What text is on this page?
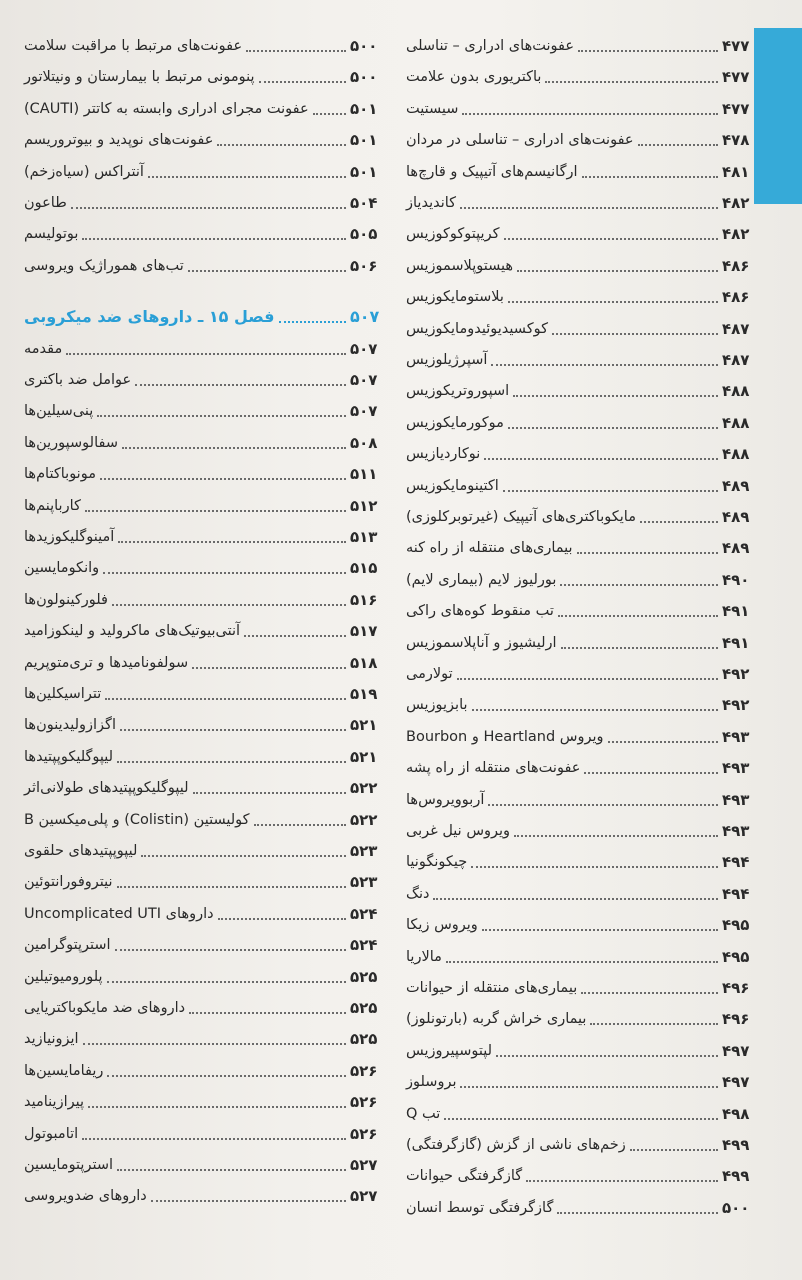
عفونت‌های ادراری – تناسلی	۴۷۷
باکتریوری بدون علامت	۴۷۷
سیستیت	۴۷۷
عفونت‌های ادراری – تناسلی در مردان	۴۷۸
ارگانیسم‌های آتیپیک و قارچ‌ها	۴۸۱
کاندیدیاز	۴۸۲
کریپتوکوکوزیس	۴۸۲
هیستوپلاسموزیس	۴۸۶
بلاستومایکوزیس	۴۸۶
کوکسیدیوئیدومایکوزیس	۴۸۷
آسپرژیلوزیس	۴۸۷
اسپوروتریکوزیس	۴۸۸
موکورمایکوزیس	۴۸۸
نوکاردیازیس	۴۸۸
اکتینومایکوزیس	۴۸۹
مایکوباکتری‌های آتیپیک (غیرتوبرکلوزی)	۴۸۹
بیماری‌های منتقله از راه کنه	۴۸۹
بورلیوز لایم (بیماری لایم)	۴۹۰
تب منقوط کوه‌های راکی	۴۹۱
ارلیشیوز و آناپلاسموزیس	۴۹۱
تولارمی	۴۹۲
بابزیوزیس	۴۹۲
ویروس Heartland و Bourbon	۴۹۳
عفونت‌های منتقله از راه پشه	۴۹۳
آربوویروس‌ها	۴۹۳
ویروس نیل غربی	۴۹۳
چیکونگونیا	۴۹۴
دنگ	۴۹۴
ویروس زیکا	۴۹۵
مالاریا	۴۹۵
بیماری‌های منتقله از حیوانات	۴۹۶
بیماری خراش گربه (بارتونلوز)	۴۹۶
لپتوسپیروزیس	۴۹۷
بروسلوز	۴۹۷
تب Q	۴۹۸
زخم‌های ناشی از گزش (گازگرفتگی)	۴۹۹
گازگرفتگی حیوانات	۴۹۹
گازگرفتگی توسط انسان	۵۰۰
عفونت‌های مرتبط با مراقبت سلامت	۵۰۰
پنومونی مرتبط با بیمارستان و ونیتلاتور	۵۰۰
عفونت مجرای ادراری وابسته به کاتتر (CAUTI)	۵۰۱
عفونت‌های نوپدید و بیوتروریسم	۵۰۱
آنتراکس (سیاه‌زخم)	۵۰۱
طاعون	۵۰۴
بوتولیسم	۵۰۵
تب‌های هموراژیک ویروسی	۵۰۶
فصل ۱۵ ـ داروهای ضد میکروبی	۵۰۷
مقدمه	۵۰۷
عوامل ضد باکتری	۵۰۷
پنی‌سیلین‌ها	۵۰۷
سفالوسپورین‌ها	۵۰۸
مونوباکتام‌ها	۵۱۱
کارباپنم‌ها	۵۱۲
آمینوگلیکوزیدها	۵۱۳
وانکومایسین	۵۱۵
فلورکینولون‌ها	۵۱۶
آنتی‌بیوتیک‌های ماکرولید و لینکوزامید	۵۱۷
سولفونامیدها و تری‌متوپریم	۵۱۸
تتراسیکلین‌ها	۵۱۹
اگزازولیدینون‌ها	۵۲۱
لیپوگلیکوپپتیدها	۵۲۱
لیپوگلیکوپپتیدهای طولانی‌اثر	۵۲۲
کولیستین (Colistin) و پلی‌میکسین B	۵۲۲
لیپوپپتیدهای حلقوی	۵۲۳
نیتروفورانتوئین	۵۲۳
داروهای Uncomplicated UTI	۵۲۴
استرپتوگرامین	۵۲۴
پلورومیوتیلین	۵۲۵
داروهای ضد مایکوباکتریایی	۵۲۵
ایزونیازید	۵۲۵
ریفامایسین‌ها	۵۲۶
پیرازینامید	۵۲۶
اتامبوتول	۵۲۶
استرپتومایسین	۵۲۷
داروهای ضدویروسی	۵۲۷
